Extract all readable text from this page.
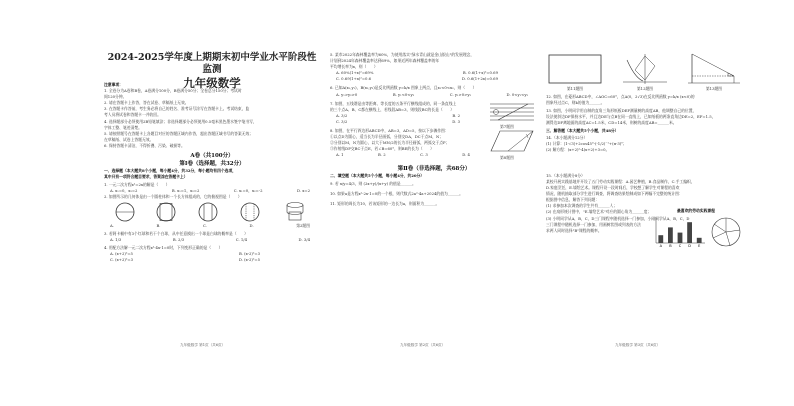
2024-2025学年度上期期末初中学业水平阶段性监测
九年级数学
注意事项：
1. 全卷分为A卷和B卷，A卷满分100分，B卷满分50分；全卷总分150分；考试时
间120分钟。
2. 请在答题卡上作答，答在试卷、草稿纸上无效。
3. 在答题卡作答前，考生务必将自己的姓名、准考证号涂写在答题卡上。考试结束，监
考人员将试卷和答题卡一并收回。
4. 选择题部分必须使用2B铅笔填涂；非选择题部分必须使用0.5毫米黑色墨水签字笔书写，
字体工整、笔迹清楚。
5. 请按照题号在答题卡上各题目对应的答题区域内作答，超出答题区域书写的答案无效；
在草稿纸、试卷上答题无效。
6. 保持答题卡清洁，不得折叠、污染、破损等。
A卷（共100分）
第Ⅰ卷（选择题，共32分）
一、选择题（本大题共8个小题，每小题4分，共32分，每小题均有四个选项，
其中只有一项符合题目要求，答案涂在答题卡上）
1. 一元二次方程x²=2x的解是（　　）
A. x₁=0，x₂=2	B. x₁=1，x₂=2	C. x₁=0，x₂=-2	D. x=2
2. 如图所示的几何体是由一个圆柱体和一个长方体组成的，它的俯视图是（　　）
A.	B.	C.	D.	第2题图
3. 若阿卡桶中有3个红球和若干个白球，从中任意摸出一个球是白球的概率是（　　）
A. 1/3	B. 2/3	C. 1/4	D. 3/4
4. 用配方法解一元二次方程x²-4x-1=0时，下列变形正确的是（　　）
A. (x+2)²=5	B. (x-2)²=3
C. (x+2)²=3	D. (x-2)²=5
九年级数学 第1页（共6页）
5. 某市2022年森林覆盖率为60%，为使用落实"绿水青山就是金山银山"的发展理念，
计划到2024年森林覆盖率达到69%，如果近两年森林覆盖率的年
平均增长率为x，则（　　）
A. 60%(1+x)²=69%	B. 0.6(1+x)²=0.69
C. 0.69(1+x)²=0.6	D. 0.6(1+2x)=0.69
6. 已知A(x₁,y₁)，B(x₂,y₂)是反比例函数 y=k/x 图象上两点，且x₁<0<x₂，则（　　）
A. y₁>y₂>0	B. y₁<0<y₂	C. y₁>0>y₂	D. 0<y₁<y₂
7. 如图，五线谱是由等距离、等长度的五条平行横线组成的，同一条直线上
的三个点A、B、C都在横线上，若线段AB=3，则线段BC的长是（　　）
A. 3/2	B. 2
C. 3/2	D. 3
第7题图
8. 如图，在平行四边形ABCD中，AB=3，AD=5，按以下步骤作图：
①以点D为圆心，适当长为半径画弧，分别交DA，DC于点M，N；
②分别以M，N为圆心，以大于MN/2的长为半径画弧，两弧交于点P；
③作射线DP交BC于点E，若∠B=60°，则BE的长为（　　）
A. 1	B. 2	C. 3	D. 4
第8题图
第Ⅱ卷（非选择题，共68分）
二、填空题（本大题共5个小题，每小题4分，共20分）
9. 若 x/y=4/3，则 (2x+y)/(x+y) 的值是______。
10. 如果a是方程x²-2x-1=0的一个根，则代数式2a²-4a+2024的值为______。
11. 矩形的周长为10，若该矩形的一边长为a，则面积为______。
九年级数学 第2页（共6页）
第11题图	第12题图	第13题图
12. 如图，在菱形ABCD中，∠AOC=60°，点A(0，2√3)在反比例函数 y=k/x (x<0)的
图象经过点C，则k的值为______。
13. 如图，小明同学用自制的直角三角形纸板DEF测量树的高度AB，他调整自己的位置，
设法使斜边DF保持水平，并且边DE与点B在同一直线上，已知纸板的两条直角边DE=2，EF=1.5，
测得边DF离地面的高度AC=1.5米，CD=14米，则树的高度AB=______米。
三、解答题（本大题共5个小题，共48分）
14.（本小题满分12分）
(1) 计算：|1-√3|+2cos45°-(-1/2)⁻¹+(π-3)⁰；
(2) 解方程：(x+2)²-4(x+2)+3=0。
15.（本小题满分8分）
某校开展实践基地并开设了五门劳动实践课程：A.园艺种植，B.食品制作，C.手工编织，
D.家庭烹饪，E.墙绘艺术。课程开设一段时间后，学校想了解学生对课程的喜欢
情况，随机抽取部分学生进行调查，将调查结果绘制成如下两幅不完整的统计图：
根据图中信息，解答下列问题：
(1) 求参加本次调查的学生共有______人；
(2) 在扇形统计图中，"E.墙绘艺术"对应的圆心角为______度；
(3) 小明同学从A，B，C，D三门课程中随机选择一门参加，小刚同学从A，B，C，D
三门课程中随机选择一门参加，用画树状图或列表的方法
求两人同时选择"B"课程的概率。
最喜欢的劳动实践课程
A B C D E
九年级数学 第3页（共6页）
